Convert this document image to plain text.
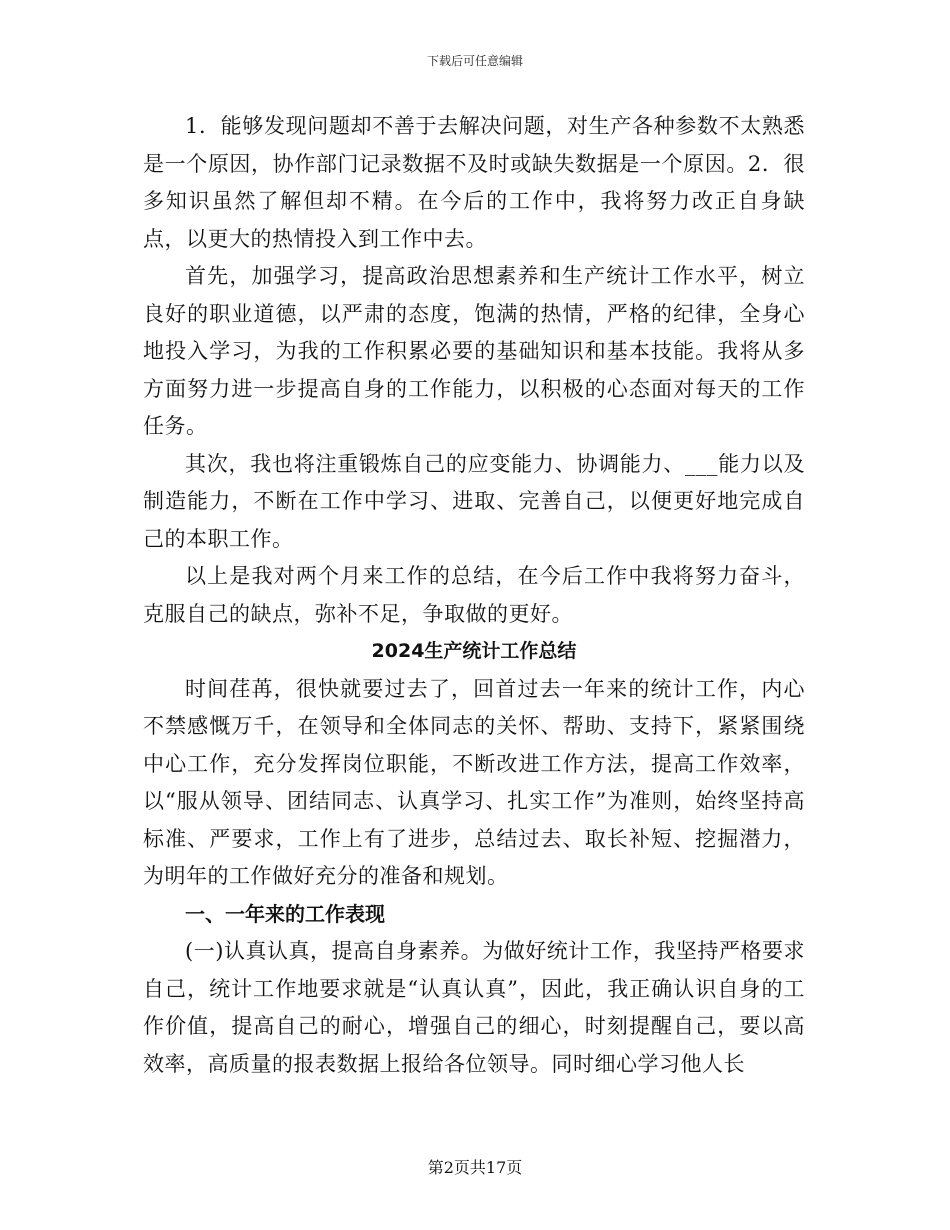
下载后可任意编辑

1．能够发现问题却不善于去解决问题，对生产各种参数不太熟悉是一个原因，协作部门记录数据不及时或缺失数据是一个原因。2．很多知识虽然了解但却不精。在今后的工作中，我将努力改正自身缺点，以更大的热情投入到工作中去。

首先，加强学习，提高政治思想素养和生产统计工作水平，树立良好的职业道德，以严肃的态度，饱满的热情，严格的纪律，全身心地投入学习，为我的工作积累必要的基础知识和基本技能。我将从多方面努力进一步提高自身的工作能力，以积极的心态面对每天的工作任务。

其次，我也将注重锻炼自己的应变能力、协调能力、___能力以及制造能力，不断在工作中学习、进取、完善自己，以便更好地完成自己的本职工作。

以上是我对两个月来工作的总结，在今后工作中我将努力奋斗，克服自己的缺点，弥补不足，争取做的更好。

2024生产统计工作总结

时间荏苒，很快就要过去了，回首过去一年来的统计工作，内心不禁感慨万千，在领导和全体同志的关怀、帮助、支持下，紧紧围绕中心工作，充分发挥岗位职能，不断改进工作方法，提高工作效率，以“服从领导、团结同志、认真学习、扎实工作”为准则，始终坚持高标准、严要求，工作上有了进步，总结过去、取长补短、挖掘潜力，为明年的工作做好充分的准备和规划。

一、一年来的工作表现

(一)认真认真，提高自身素养。为做好统计工作，我坚持严格要求自己，统计工作地要求就是“认真认真”，因此，我正确认识自身的工作价值，提高自己的耐心，增强自己的细心，时刻提醒自己，要以高效率，高质量的报表数据上报给各位领导。同时细心学习他人长

第2页共17页
